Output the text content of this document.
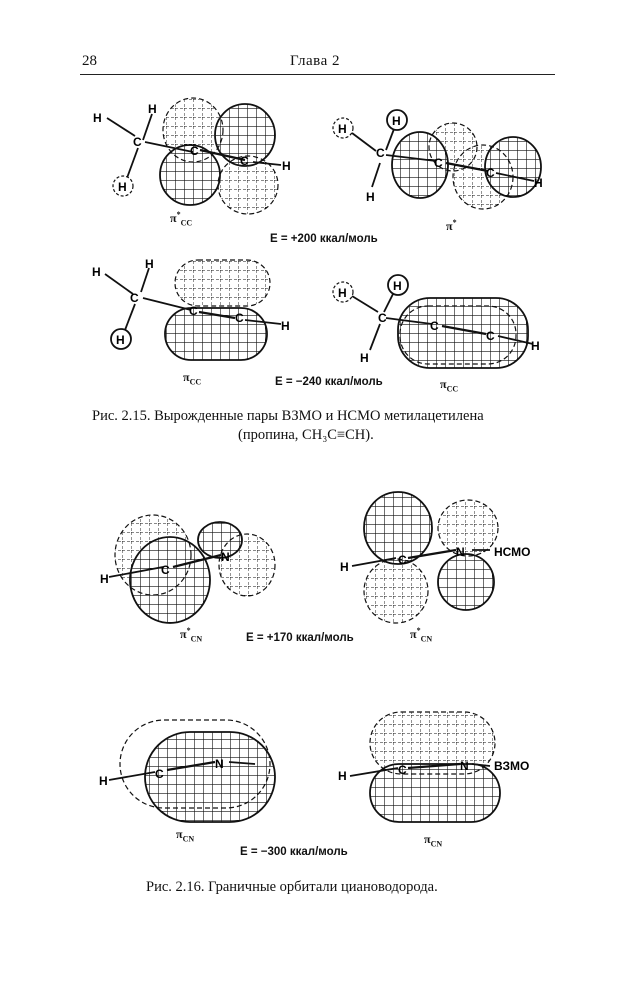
28	Глава 2
H
H
C
H
C
C	H
$\pi^*_{CC}$
H
H
C
H
C
C
H
π*
E = +200 ккал/моль
H
H
C
H
C	C
H
$\pi_{CC}$
H	H
C
H
C
C
H
$\pi_{CC}$
E = −240 ккал/моль
Рис. 2.15. Вырожденные пары ВЗМО и НСМО метилацетилена
(пропина, CH₃C≡CH).
H
C
N
$\pi^*_{CN}$
H	C
N НСМО
$\pi^*_{CN}$
E = +170 ккал/моль
H	C
N
$\pi_{CN}$
H	C	N ВЗМО
$\pi_{CN}$
E = −300 ккал/моль
Рис. 2.16. Граничные орбитали циановодорода.
